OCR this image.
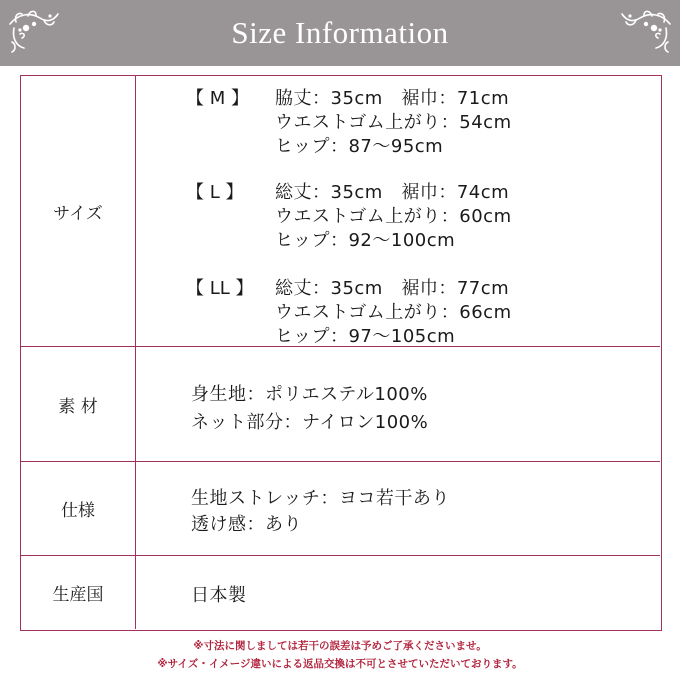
Size Information
サイズ
【 M 】 脇丈：35cm　裾巾：71cm
ウエストゴム上がり：54cm
ヒップ：87〜95cm
【 L 】 総丈：35cm　裾巾：74cm
ウエストゴム上がり：60cm
ヒップ：92〜100cm
【 LL 】 総丈：35cm　裾巾：77cm
ウエストゴム上がり：66cm
ヒップ：97〜105cm
素 材
身生地：ポリエステル100%
ネット部分：ナイロン100%
仕様
生地ストレッチ：ヨコ若干あり
透け感：あり
生産国	日本製
※寸法に関しましては若干の誤差は予めご了承くださいませ。
※サイズ・イメージ違いによる返品交換は不可とさせていただいております。
